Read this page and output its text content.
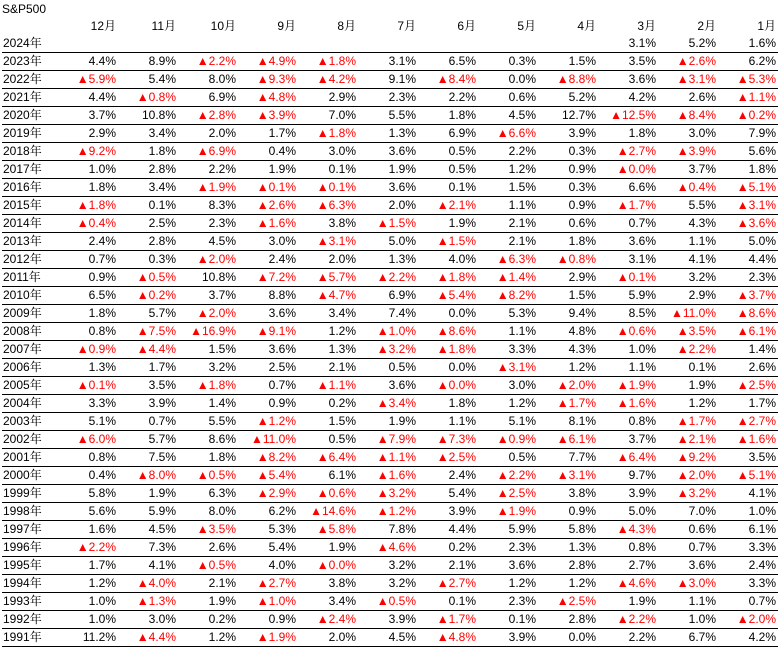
S&P500
	12月	11月	10月	9月	8月	7月	6月	5月	4月	3月	2月	1月
2024年										3.1%	5.2%	1.6%
2023年	4.4%	8.9%	▲2.2%	▲4.9%	▲1.8%	3.1%	6.5%	0.3%	1.5%	3.5%	▲2.6%	6.2%
2022年	▲5.9%	5.4%	8.0%	▲9.3%	▲4.2%	9.1%	▲8.4%	0.0%	▲8.8%	3.6%	▲3.1%	▲5.3%
2021年	4.4%	▲0.8%	6.9%	▲4.8%	2.9%	2.3%	2.2%	0.6%	5.2%	4.2%	2.6%	▲1.1%
2020年	3.7%	10.8%	▲2.8%	▲3.9%	7.0%	5.5%	1.8%	4.5%	12.7%	▲12.5%	▲8.4%	▲0.2%
2019年	2.9%	3.4%	2.0%	1.7%	▲1.8%	1.3%	6.9%	▲6.6%	3.9%	1.8%	3.0%	7.9%
2018年	▲9.2%	1.8%	▲6.9%	0.4%	3.0%	3.6%	0.5%	2.2%	0.3%	▲2.7%	▲3.9%	5.6%
2017年	1.0%	2.8%	2.2%	1.9%	0.1%	1.9%	0.5%	1.2%	0.9%	▲0.0%	3.7%	1.8%
2016年	1.8%	3.4%	▲1.9%	▲0.1%	▲0.1%	3.6%	0.1%	1.5%	0.3%	6.6%	▲0.4%	▲5.1%
2015年	▲1.8%	0.1%	8.3%	▲2.6%	▲6.3%	2.0%	▲2.1%	1.1%	0.9%	▲1.7%	5.5%	▲3.1%
2014年	▲0.4%	2.5%	2.3%	▲1.6%	3.8%	▲1.5%	1.9%	2.1%	0.6%	0.7%	4.3%	▲3.6%
2013年	2.4%	2.8%	4.5%	3.0%	▲3.1%	5.0%	▲1.5%	2.1%	1.8%	3.6%	1.1%	5.0%
2012年	0.7%	0.3%	▲2.0%	2.4%	2.0%	1.3%	4.0%	▲6.3%	▲0.8%	3.1%	4.1%	4.4%
2011年	0.9%	▲0.5%	10.8%	▲7.2%	▲5.7%	▲2.2%	▲1.8%	▲1.4%	2.9%	▲0.1%	3.2%	2.3%
2010年	6.5%	▲0.2%	3.7%	8.8%	▲4.7%	6.9%	▲5.4%	▲8.2%	1.5%	5.9%	2.9%	▲3.7%
2009年	1.8%	5.7%	▲2.0%	3.6%	3.4%	7.4%	0.0%	5.3%	9.4%	8.5%	▲11.0%	▲8.6%
2008年	0.8%	▲7.5%	▲16.9%	▲9.1%	1.2%	▲1.0%	▲8.6%	1.1%	4.8%	▲0.6%	▲3.5%	▲6.1%
2007年	▲0.9%	▲4.4%	1.5%	3.6%	1.3%	▲3.2%	▲1.8%	3.3%	4.3%	1.0%	▲2.2%	1.4%
2006年	1.3%	1.7%	3.2%	2.5%	2.1%	0.5%	0.0%	▲3.1%	1.2%	1.1%	0.1%	2.6%
2005年	▲0.1%	3.5%	▲1.8%	0.7%	▲1.1%	3.6%	▲0.0%	3.0%	▲2.0%	▲1.9%	1.9%	▲2.5%
2004年	3.3%	3.9%	1.4%	0.9%	0.2%	▲3.4%	1.8%	1.2%	▲1.7%	▲1.6%	1.2%	1.7%
2003年	5.1%	0.7%	5.5%	▲1.2%	1.5%	1.9%	1.1%	5.1%	8.1%	0.8%	▲1.7%	▲2.7%
2002年	▲6.0%	5.7%	8.6%	▲11.0%	0.5%	▲7.9%	▲7.3%	▲0.9%	▲6.1%	3.7%	▲2.1%	▲1.6%
2001年	0.8%	7.5%	1.8%	▲8.2%	▲6.4%	▲1.1%	▲2.5%	0.5%	7.7%	▲6.4%	▲9.2%	3.5%
2000年	0.4%	▲8.0%	▲0.5%	▲5.4%	6.1%	▲1.6%	2.4%	▲2.2%	▲3.1%	9.7%	▲2.0%	▲5.1%
1999年	5.8%	1.9%	6.3%	▲2.9%	▲0.6%	▲3.2%	5.4%	▲2.5%	3.8%	3.9%	▲3.2%	4.1%
1998年	5.6%	5.9%	8.0%	6.2%	▲14.6%	▲1.2%	3.9%	▲1.9%	0.9%	5.0%	7.0%	1.0%
1997年	1.6%	4.5%	▲3.5%	5.3%	▲5.8%	7.8%	4.4%	5.9%	5.8%	▲4.3%	0.6%	6.1%
1996年	▲2.2%	7.3%	2.6%	5.4%	1.9%	▲4.6%	0.2%	2.3%	1.3%	0.8%	0.7%	3.3%
1995年	1.7%	4.1%	▲0.5%	4.0%	▲0.0%	3.2%	2.1%	3.6%	2.8%	2.7%	3.6%	2.4%
1994年	1.2%	▲4.0%	2.1%	▲2.7%	3.8%	3.2%	▲2.7%	1.2%	1.2%	▲4.6%	▲3.0%	3.3%
1993年	1.0%	▲1.3%	1.9%	▲1.0%	3.4%	▲0.5%	0.1%	2.3%	▲2.5%	1.9%	1.1%	0.7%
1992年	1.0%	3.0%	0.2%	0.9%	▲2.4%	3.9%	▲1.7%	0.1%	2.8%	▲2.2%	1.0%	▲2.0%
1991年	11.2%	▲4.4%	1.2%	▲1.9%	2.0%	4.5%	▲4.8%	3.9%	0.0%	2.2%	6.7%	4.2%
